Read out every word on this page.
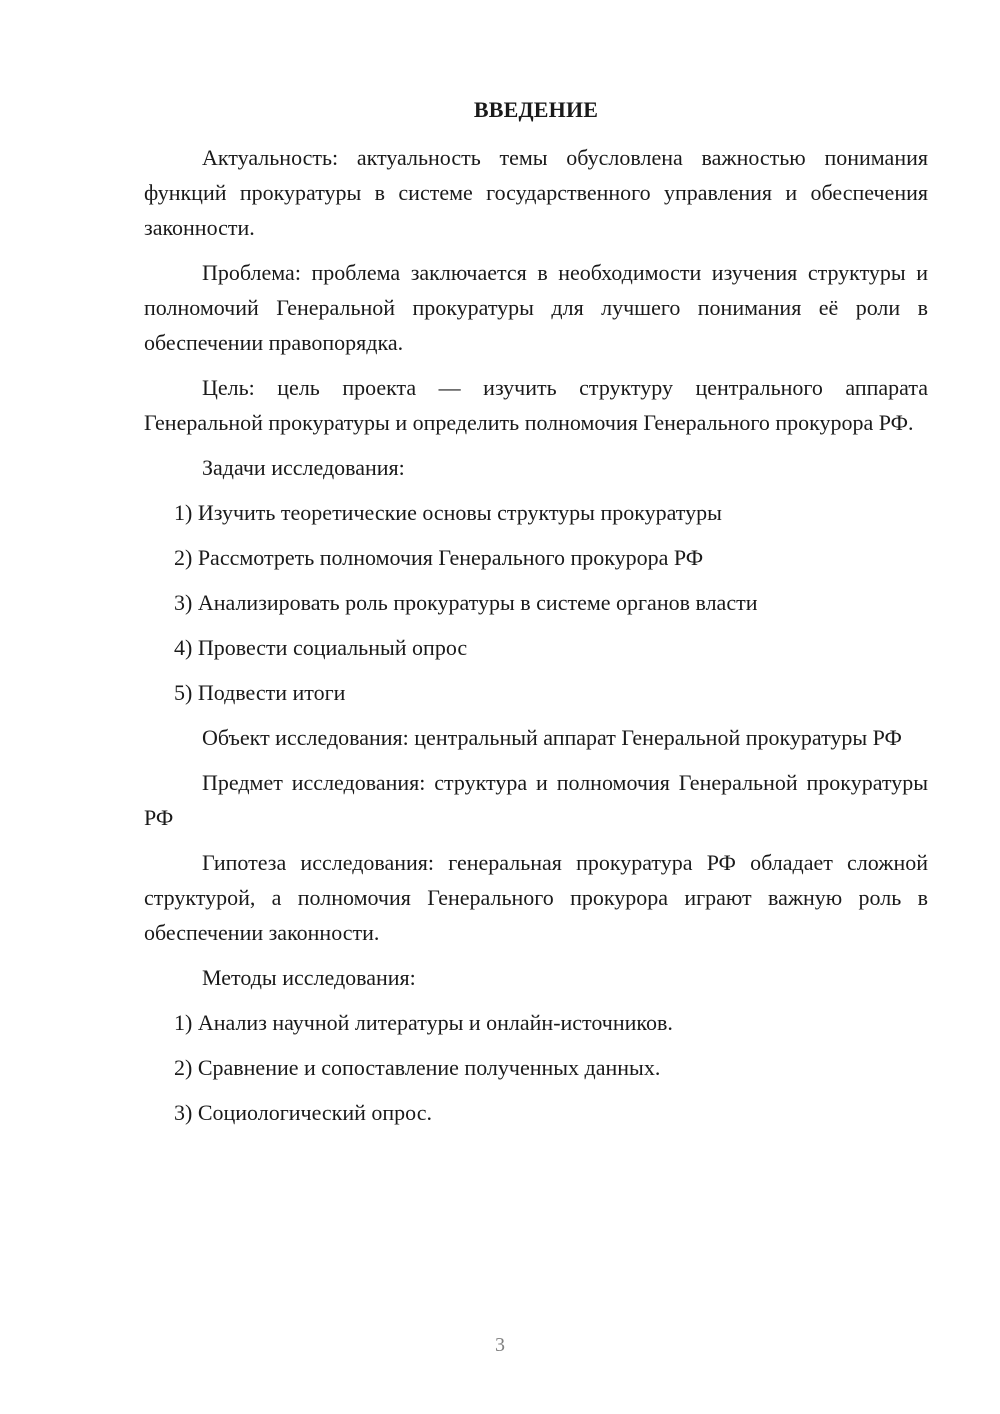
ВВЕДЕНИЕ

Актуальность: актуальность темы обусловлена важностью понимания функций прокуратуры в системе государственного управления и обеспечения законности.

Проблема: проблема заключается в необходимости изучения структуры и полномочий Генеральной прокуратуры для лучшего понимания её роли в обеспечении правопорядка.

Цель: цель проекта — изучить структуру центрального аппарата Генеральной прокуратуры и определить полномочия Генерального прокурора РФ.

Задачи исследования:

1) Изучить теоретические основы структуры прокуратуры
2) Рассмотреть полномочия Генерального прокурора РФ
3) Анализировать роль прокуратуры в системе органов власти
4) Провести социальный опрос
5) Подвести итоги

Объект исследования: центральный аппарат Генеральной прокуратуры РФ

Предмет исследования: структура и полномочия Генеральной прокуратуры РФ

Гипотеза исследования: генеральная прокуратура РФ обладает сложной структурой, а полномочия Генерального прокурора играют важную роль в обеспечении законности.

Методы исследования:

1) Анализ научной литературы и онлайн-источников.
2) Сравнение и сопоставление полученных данных.
3) Социологический опрос.
3
